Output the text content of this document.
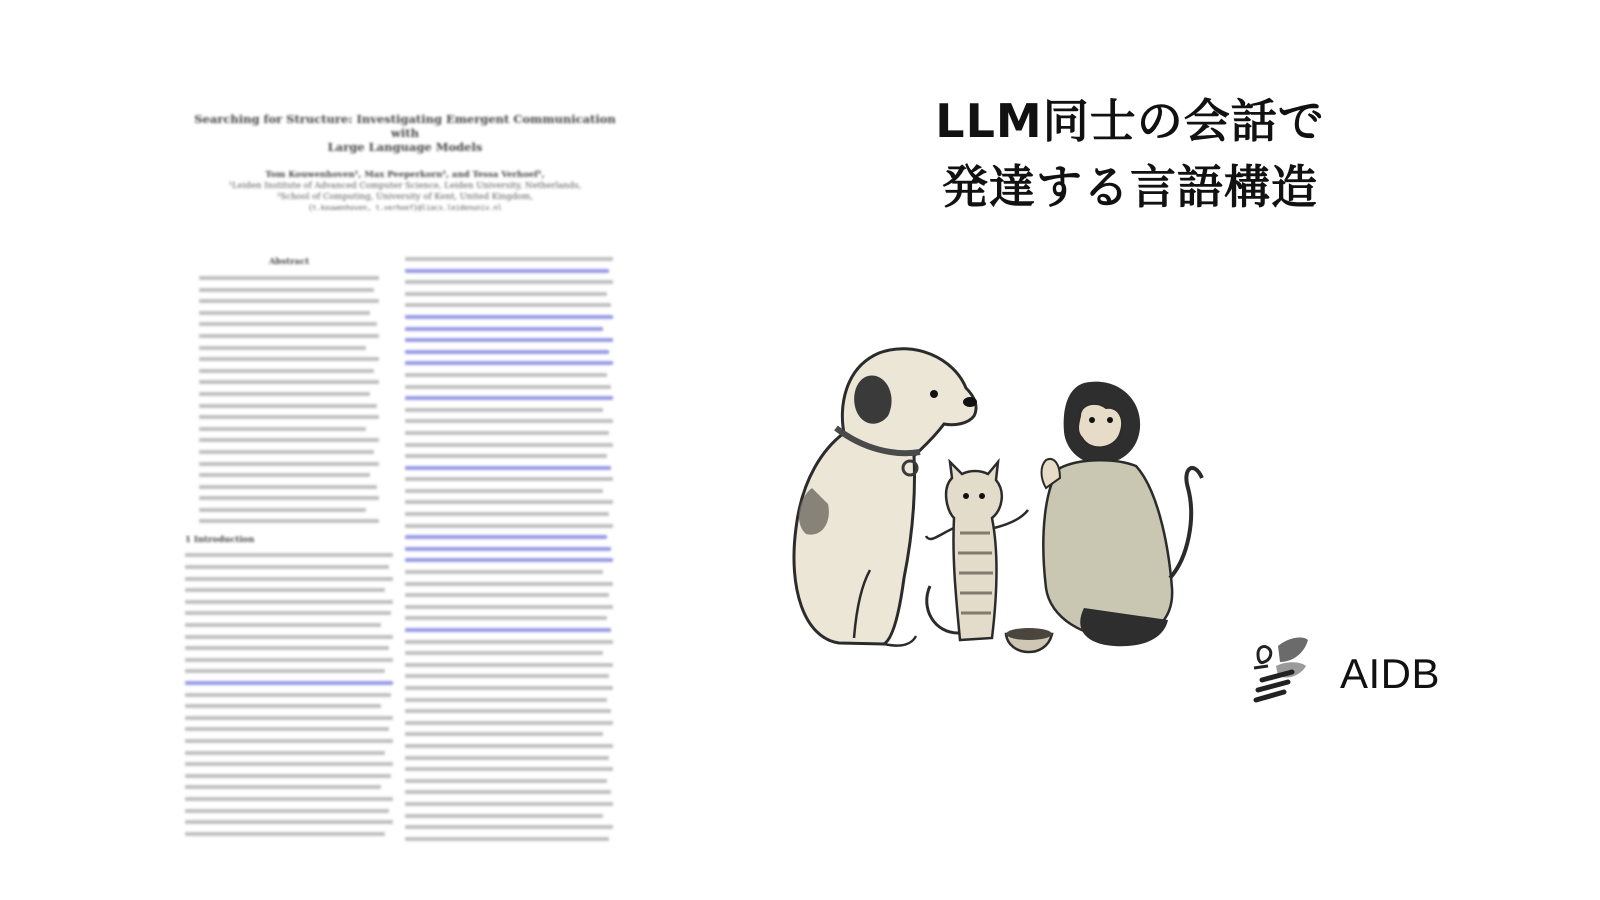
Searching for Structure: Investigating Emergent Communication with
Large Language Models
Tom Kouwenhoven¹, Max Peeperkorn², and Tessa Verhoef¹,
¹Leiden Institute of Advanced Computer Science, Leiden University, Netherlands,
²School of Computing, University of Kent, United Kingdom,
{t.kouwenhoven, t.verhoef}@liacs.leidenuniv.nl
Abstract
1 Introduction
LLM同士の会話で
発達する言語構造
AIDB
